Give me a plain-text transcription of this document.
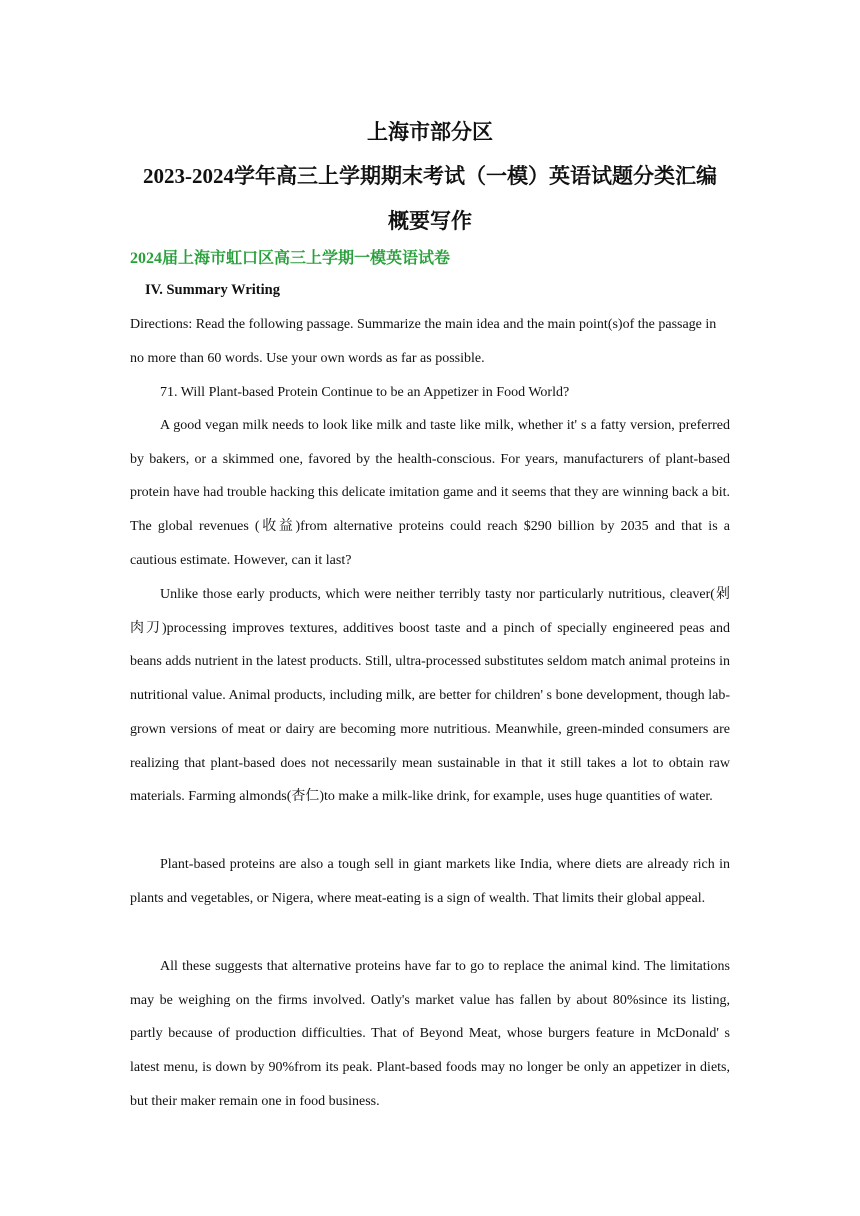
上海市部分区
2023-2024学年高三上学期期末考试（一模）英语试题分类汇编
概要写作
2024届上海市虹口区高三上学期一模英语试卷
IV. Summary Writing
Directions: Read the following passage. Summarize the main idea and the main point(s)of the passage in no more than 60 words. Use your own words as far as possible.
71. Will Plant-based Protein Continue to be an Appetizer in Food World?
A good vegan milk needs to look like milk and taste like milk, whether it' s a fatty version, preferred by bakers, or a skimmed one, favored by the health-conscious. For years, manufacturers of plant-based protein have had trouble hacking this delicate imitation game and it seems that they are winning back a bit. The global revenues (收益)from alternative proteins could reach $290 billion by 2035 and that is a cautious estimate. However, can it last?
Unlike those early products, which were neither terribly tasty nor particularly nutritious, cleaver(剁肉刀)processing improves textures, additives boost taste and a pinch of specially engineered peas and beans adds nutrient in the latest products. Still, ultra-processed substitutes seldom match animal proteins in nutritional value. Animal products, including milk, are better for children' s bone development, though lab- grown versions of meat or dairy are becoming more nutritious. Meanwhile, green-minded consumers are realizing that plant-based does not necessarily mean sustainable in that it still takes a lot to obtain raw materials. Farming almonds(杏仁)to make a milk-like drink, for example, uses huge quantities of water.
Plant-based proteins are also a tough sell in giant markets like India, where diets are already rich in plants and vegetables, or Nigera, where meat-eating is a sign of wealth. That limits their global appeal.
All these suggests that alternative proteins have far to go to replace the animal kind. The limitations may be weighing on the firms involved. Oatly's market value has fallen by about 80%since its listing, partly because of production difficulties. That of Beyond Meat, whose burgers feature in McDonald' s latest menu, is down by 90%from its peak. Plant-based foods may no longer be only an appetizer in diets, but their maker remain one in food business.
